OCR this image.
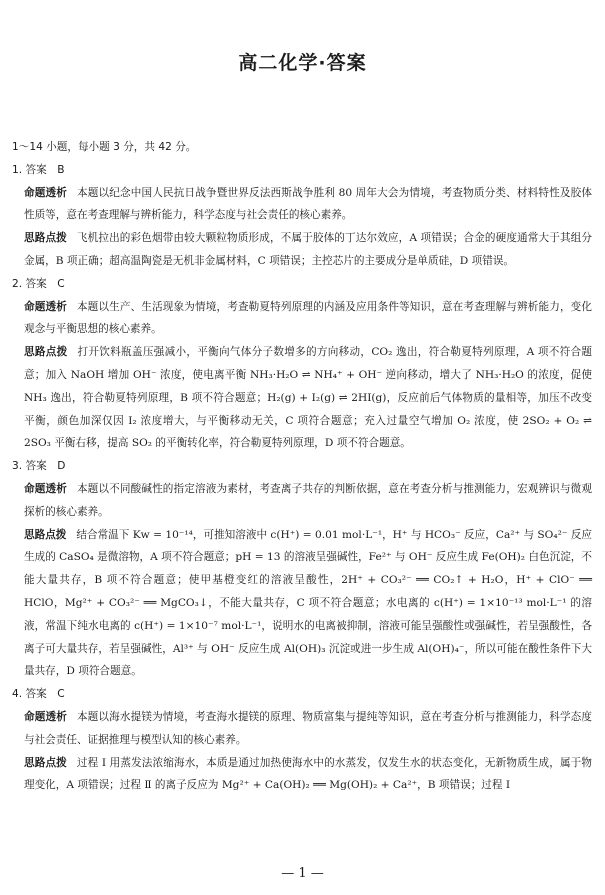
高二化学·答案

1～14 小题，每小题 3 分，共 42 分。

1. 答案　B

命题透析 本题以纪念中国人民抗日战争暨世界反法西斯战争胜利 80 周年大会为情境，考查物质分类、材料特性及胶体性质等，意在考查理解与辨析能力，科学态度与社会责任的核心素养。

思路点拨 飞机拉出的彩色烟带由较大颗粒物质形成，不属于胶体的丁达尔效应，A 项错误；合金的硬度通常大于其组分金属，B 项正确；超高温陶瓷是无机非金属材料，C 项错误；主控芯片的主要成分是单质硅，D 项错误。

2. 答案　C

命题透析 本题以生产、生活现象为情境，考查勒夏特列原理的内涵及应用条件等知识，意在考查理解与辨析能力，变化观念与平衡思想的核心素养。

思路点拨 打开饮料瓶盖压强减小，平衡向气体分子数增多的方向移动，CO₂ 逸出，符合勒夏特列原理，A 项不符合题意；加入 NaOH 增加 OH⁻ 浓度，使电离平衡 NH₃·H₂O ⇌ NH₄⁺ + OH⁻ 逆向移动，增大了 NH₃·H₂O 的浓度，促使 NH₃ 逸出，符合勒夏特列原理，B 项不符合题意；H₂(g) + I₂(g) ⇌ 2HI(g)，反应前后气体物质的量相等，加压不改变平衡，颜色加深仅因 I₂ 浓度增大，与平衡移动无关，C 项符合题意；充入过量空气增加 O₂ 浓度，使 2SO₂ + O₂ ⇌ 2SO₃ 平衡右移，提高 SO₂ 的平衡转化率，符合勒夏特列原理，D 项不符合题意。

3. 答案　D

命题透析 本题以不同酸碱性的指定溶液为素材，考查离子共存的判断依据，意在考查分析与推测能力，宏观辨识与微观探析的核心素养。

思路点拨 结合常温下 Kw = 10⁻¹⁴，可推知溶液中 c(H⁺) = 0.01 mol·L⁻¹，H⁺ 与 HCO₃⁻ 反应，Ca²⁺ 与 SO₄²⁻ 反应生成的 CaSO₄ 是微溶物，A 项不符合题意；pH = 13 的溶液呈强碱性，Fe²⁺ 与 OH⁻ 反应生成 Fe(OH)₂ 白色沉淀，不能大量共存，B 项不符合题意；使甲基橙变红的溶液呈酸性，2H⁺ + CO₃²⁻ ══ CO₂↑ + H₂O，H⁺ + ClO⁻ ══ HClO，Mg²⁺ + CO₃²⁻ ══ MgCO₃↓，不能大量共存，C 项不符合题意；水电离的 c(H⁺) = 1×10⁻¹³ mol·L⁻¹ 的溶液，常温下纯水电离的 c(H⁺) = 1×10⁻⁷ mol·L⁻¹，说明水的电离被抑制，溶液可能呈强酸性或强碱性，若呈强酸性，各离子可大量共存，若呈强碱性，Al³⁺ 与 OH⁻ 反应生成 Al(OH)₃ 沉淀或进一步生成 Al(OH)₄⁻，所以可能在酸性条件下大量共存，D 项符合题意。

4. 答案　C

命题透析 本题以海水提镁为情境，考查海水提镁的原理、物质富集与提纯等知识，意在考查分析与推测能力，科学态度与社会责任、证据推理与模型认知的核心素养。

思路点拨 过程 Ⅰ 用蒸发法浓缩海水，本质是通过加热使海水中的水蒸发，仅发生水的状态变化，无新物质生成，属于物理变化，A 项错误；过程 Ⅱ 的离子反应为 Mg²⁺ + Ca(OH)₂ ══ Mg(OH)₂ + Ca²⁺，B 项错误；过程 Ⅰ

— 1 —
